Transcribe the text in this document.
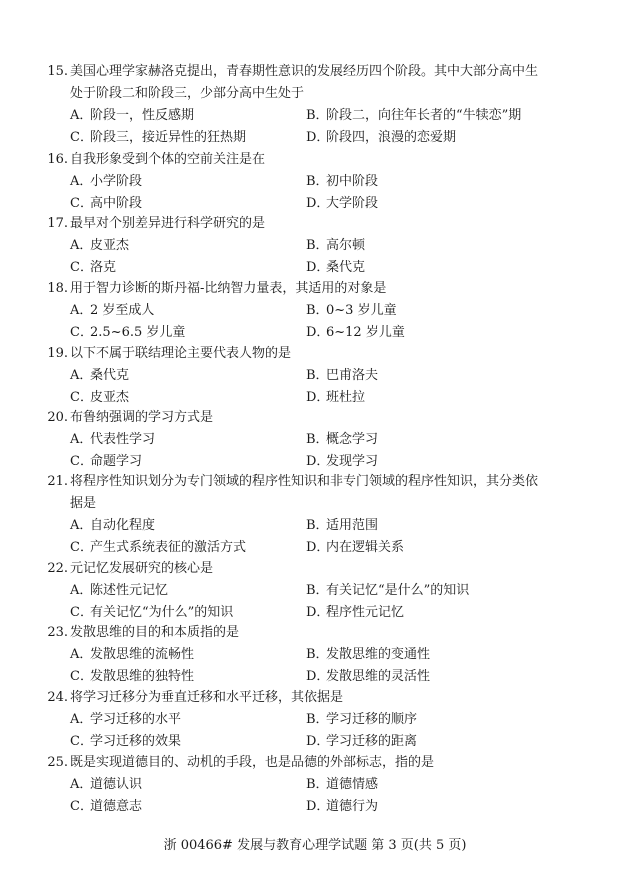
15. 美国心理学家赫洛克提出，青春期性意识的发展经历四个阶段。其中大部分高中生
处于阶段二和阶段三，少部分高中生处于
A．阶段一，性反感期	B．阶段二，向往年长者的“牛犊恋”期
C．阶段三，接近异性的狂热期	D．阶段四，浪漫的恋爱期
16. 自我形象受到个体的空前关注是在
A．小学阶段	B．初中阶段
C．高中阶段	D．大学阶段
17. 最早对个别差异进行科学研究的是
A．皮亚杰	B．高尔顿
C．洛克	D．桑代克
18. 用于智力诊断的斯丹福-比纳智力量表，其适用的对象是
A．2 岁至成人	B．0~3 岁儿童
C．2.5~6.5 岁儿童	D．6~12 岁儿童
19. 以下不属于联结理论主要代表人物的是
A．桑代克	B．巴甫洛夫
C．皮亚杰	D．班杜拉
20. 布鲁纳强调的学习方式是
A．代表性学习	B．概念学习
C．命题学习	D．发现学习
21. 将程序性知识划分为专门领域的程序性知识和非专门领域的程序性知识，其分类依
据是
A．自动化程度	B．适用范围
C．产生式系统表征的激活方式	D．内在逻辑关系
22. 元记忆发展研究的核心是
A．陈述性元记忆	B．有关记忆“是什么”的知识
C．有关记忆“为什么”的知识	D．程序性元记忆
23. 发散思维的目的和本质指的是
A．发散思维的流畅性	B．发散思维的变通性
C．发散思维的独特性	D．发散思维的灵活性
24. 将学习迁移分为垂直迁移和水平迁移，其依据是
A．学习迁移的水平	B．学习迁移的顺序
C．学习迁移的效果	D．学习迁移的距离
25. 既是实现道德目的、动机的手段，也是品德的外部标志，指的是
A．道德认识	B．道德情感
C．道德意志	D．道德行为
浙 00466# 发展与教育心理学试题 第 3 页(共 5 页)
